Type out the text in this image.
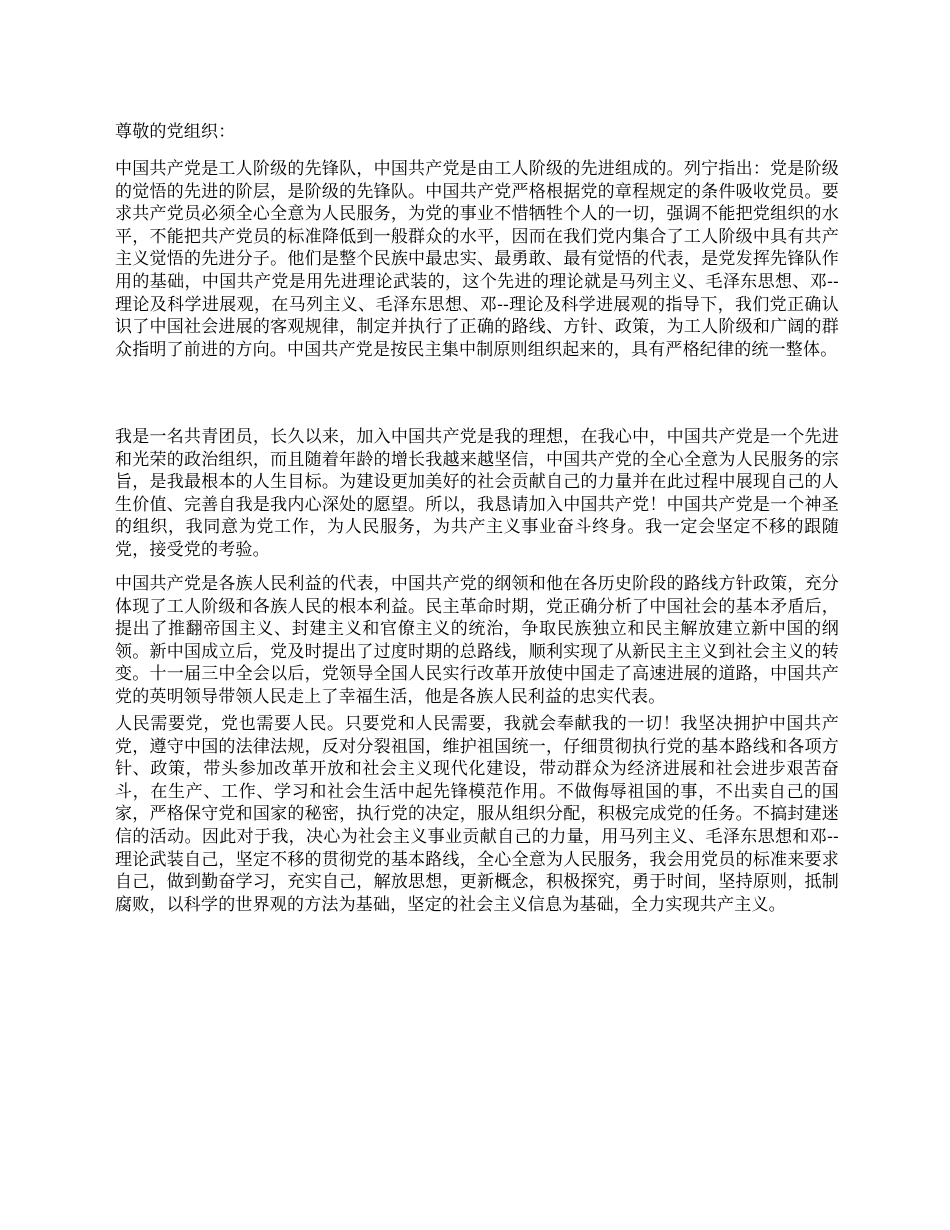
尊敬的党组织：

中国共产党是工人阶级的先锋队，中国共产党是由工人阶级的先进组成的。列宁指出：党是阶级的觉悟的先进的阶层，是阶级的先锋队。中国共产党严格根据党的章程规定的条件吸收党员。要求共产党员必须全心全意为人民服务，为党的事业不惜牺牲个人的一切，强调不能把党组织的水平，不能把共产党员的标准降低到一般群众的水平，因而在我们党内集合了工人阶级中具有共产主义觉悟的先进分子。他们是整个民族中最忠实、最勇敢、最有觉悟的代表，是党发挥先锋队作用的基础，中国共产党是用先进理论武装的，这个先进的理论就是马列主义、毛泽东思想、邓--理论及科学进展观，在马列主义、毛泽东思想、邓--理论及科学进展观的指导下，我们党正确认识了中国社会进展的客观规律，制定并执行了正确的路线、方针、政策，为工人阶级和广阔的群众指明了前进的方向。中国共产党是按民主集中制原则组织起来的，具有严格纪律的统一整体。

我是一名共青团员，长久以来，加入中国共产党是我的理想，在我心中，中国共产党是一个先进和光荣的政治组织，而且随着年龄的增长我越来越坚信，中国共产党的全心全意为人民服务的宗旨，是我最根本的人生目标。为建设更加美好的社会贡献自己的力量并在此过程中展现自己的人生价值、完善自我是我内心深处的愿望。所以，我恳请加入中国共产党！中国共产党是一个神圣的组织，我同意为党工作，为人民服务，为共产主义事业奋斗终身。我一定会坚定不移的跟随党，接受党的考验。

中国共产党是各族人民利益的代表，中国共产党的纲领和他在各历史阶段的路线方针政策，充分体现了工人阶级和各族人民的根本利益。民主革命时期，党正确分析了中国社会的基本矛盾后，提出了推翻帝国主义、封建主义和官僚主义的统治，争取民族独立和民主解放建立新中国的纲领。新中国成立后，党及时提出了过度时期的总路线，顺利实现了从新民主主义到社会主义的转变。十一届三中全会以后，党领导全国人民实行改革开放使中国走了高速进展的道路，中国共产党的英明领导带领人民走上了幸福生活，他是各族人民利益的忠实代表。

人民需要党，党也需要人民。只要党和人民需要，我就会奉献我的一切！我坚决拥护中国共产党，遵守中国的法律法规，反对分裂祖国，维护祖国统一，仔细贯彻执行党的基本路线和各项方针、政策，带头参加改革开放和社会主义现代化建设，带动群众为经济进展和社会进步艰苦奋斗，在生产、工作、学习和社会生活中起先锋模范作用。不做侮辱祖国的事，不出卖自己的国家，严格保守党和国家的秘密，执行党的决定，服从组织分配，积极完成党的任务。不搞封建迷信的活动。因此对于我，决心为社会主义事业贡献自己的力量，用马列主义、毛泽东思想和邓--理论武装自己，坚定不移的贯彻党的基本路线，全心全意为人民服务，我会用党员的标准来要求自己，做到勤奋学习，充实自己，解放思想，更新概念，积极探究，勇于时间，坚持原则，抵制腐败，以科学的世界观的方法为基础，坚定的社会主义信息为基础，全力实现共产主义。
